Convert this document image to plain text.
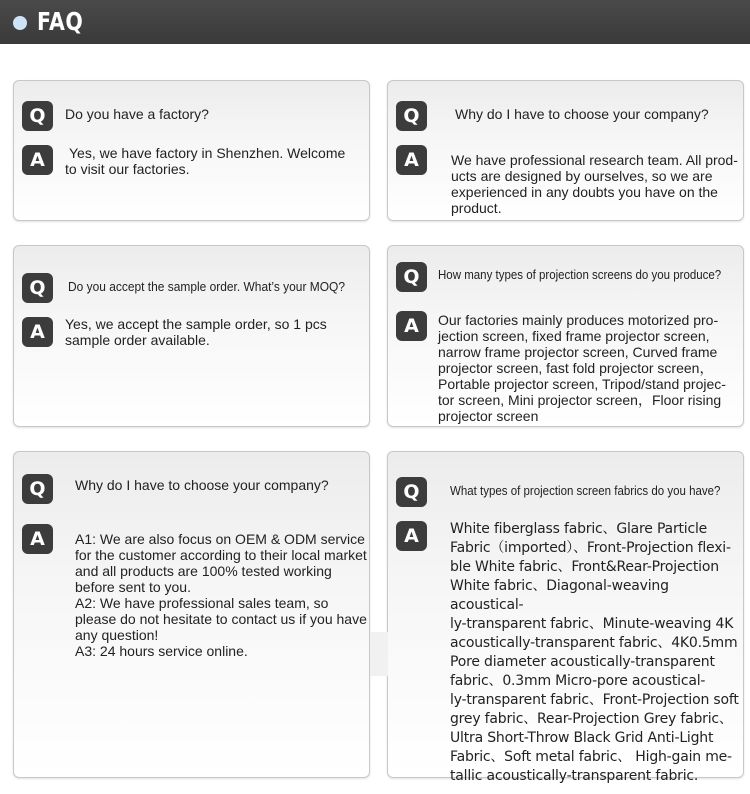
FAQ
Q	Do you have a factory?
A	Yes, we have factory in Shenzhen. Welcome
to visit our factories.
Q	Why do I have to choose your company?
A	We have professional research team. All prod-
ucts are designed by ourselves, so we are
experienced in any doubts you have on the
product.
Q	Do you accept the sample order. What’s your MOQ?
A	Yes, we accept the sample order, so 1 pcs
sample order available.
Q	How many types of projection screens do you produce?
A	Our factories mainly produces motorized pro-
jection screen, fixed frame projector screen,
narrow frame projector screen, Curved frame
projector screen, fast fold projector screen，
Portable projector screen, Tripod/stand projec-
tor screen, Mini projector screen，Floor rising
projector screen
Q	Why do I have to choose your company?
A	A1: We are also focus on OEM & ODM service
for the customer according to their local market
and all products are 100% tested working
before sent to you.
A2: We have professional sales team, so
please do not hesitate to contact us if you have
any question!
A3: 24 hours service online.
Q	What types of projection screen fabrics do you have?
A	White fiberglass fabric、Glare Particle
Fabric（imported）、Front-Projection flexi-
ble White fabric、Front&Rear-Projection
White fabric、Diagonal-weaving acoustical-
ly-transparent fabric、Minute-weaving 4K
acoustically-transparent fabric、4K0.5mm
Pore diameter acoustically-transparent
fabric、0.3mm Micro-pore acoustical-
ly-transparent fabric、Front-Projection soft
grey fabric、Rear-Projection Grey fabric、
Ultra Short-Throw Black Grid Anti-Light
Fabric、Soft metal fabric、 High-gain me-
tallic acoustically-transparent fabric.
